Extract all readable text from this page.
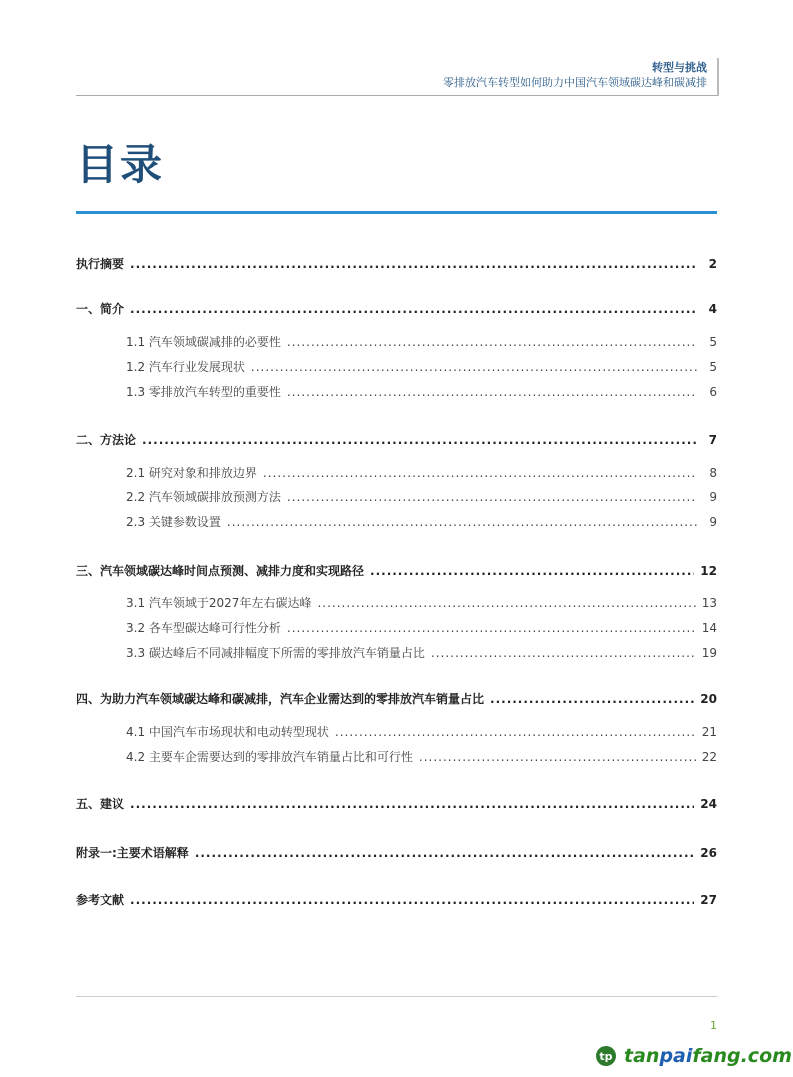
转型与挑战
零排放汽车转型如何助力中国汽车领域碳达峰和碳减排
目录
执行摘要 .....	2
一、简介 .....	4
1.1 汽车领域碳减排的必要性 .....	5
1.2 汽车行业发展现状 .....	5
1.3 零排放汽车转型的重要性 .....	6
二、方法论 .....	7
2.1 研究对象和排放边界 .....	8
2.2 汽车领域碳排放预测方法 .....	9
2.3 关键参数设置 .....	9
三、汽车领域碳达峰时间点预测、减排力度和实现路径 .....	12
3.1 汽车领域于2027年左右碳达峰 .....	13
3.2 各车型碳达峰可行性分析 .....	14
3.3 碳达峰后不同减排幅度下所需的零排放汽车销量占比 .....	19
四、为助力汽车领域碳达峰和碳减排，汽车企业需达到的零排放汽车销量占比 .....	20
4.1 中国汽车市场现状和电动转型现状 .....	21
4.2 主要车企需要达到的零排放汽车销量占比和可行性 .....	22
五、建议 .....	24
附录一:主要术语解释 .....	26
参考文献 .....	27
1
tp tanpaifang.com
